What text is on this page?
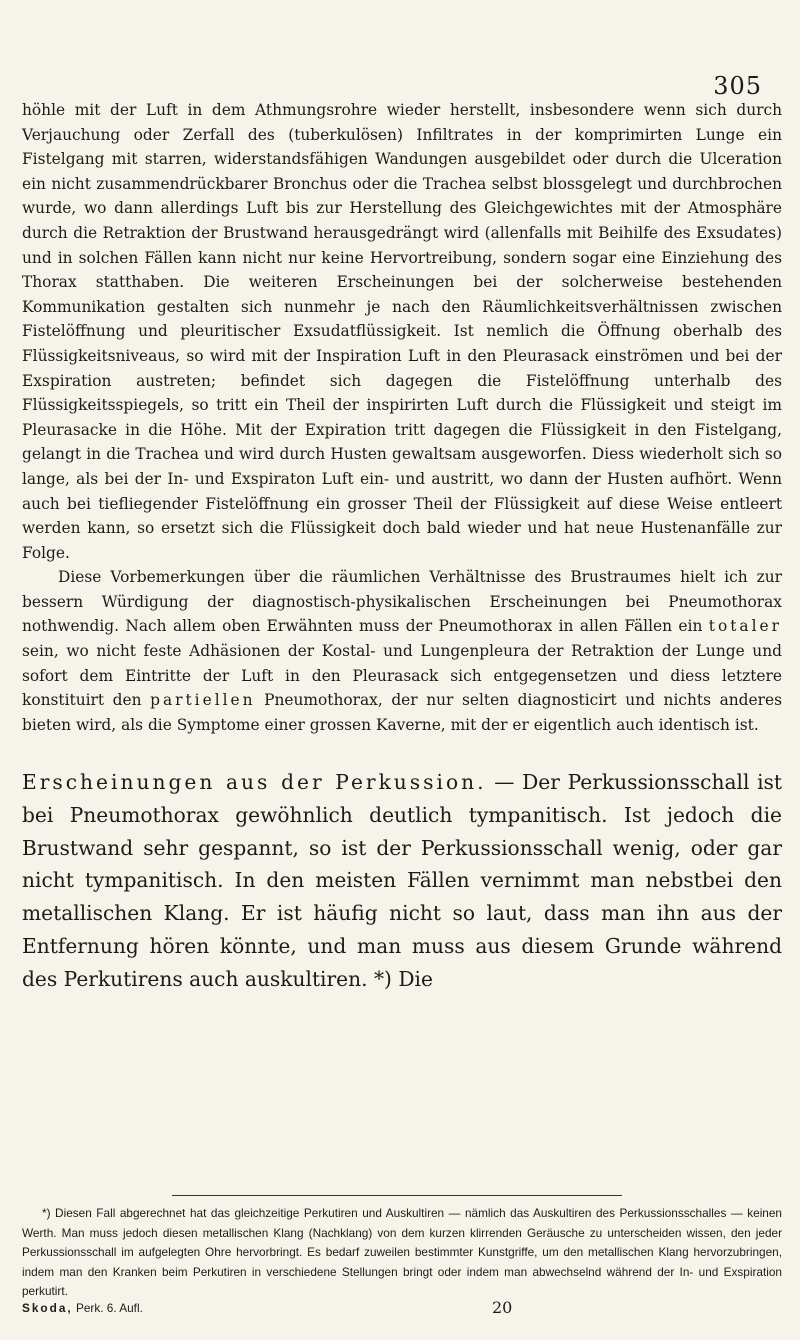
305

höhle mit der Luft in dem Athmungsrohre wieder herstellt, insbesondere wenn sich durch Verjauchung oder Zerfall des (tuberkulösen) Infiltrates in der komprimirten Lunge ein Fistelgang mit starren, widerstandsfähigen Wandungen ausgebildet oder durch die Ulceration ein nicht zusammendrückbarer Bronchus oder die Trachea selbst blossgelegt und durchbrochen wurde, wo dann allerdings Luft bis zur Herstellung des Gleichgewichtes mit der Atmosphäre durch die Retraktion der Brustwand herausgedrängt wird (allenfalls mit Beihilfe des Exsudates) und in solchen Fällen kann nicht nur keine Hervortreibung, sondern sogar eine Einziehung des Thorax statthaben. Die weiteren Erscheinungen bei der solcherweise bestehenden Kommunikation gestalten sich nunmehr je nach den Räumlichkeitsverhältnissen zwischen Fistelöffnung und pleuritischer Exsudatflüssigkeit. Ist nemlich die Öffnung oberhalb des Flüssigkeitsniveaus, so wird mit der Inspiration Luft in den Pleurasack einströmen und bei der Exspiration austreten; befindet sich dagegen die Fistelöffnung unterhalb des Flüssigkeitsspiegels, so tritt ein Theil der inspirirten Luft durch die Flüssigkeit und steigt im Pleurasacke in die Höhe. Mit der Expiration tritt dagegen die Flüssigkeit in den Fistelgang, gelangt in die Trachea und wird durch Husten gewaltsam ausgeworfen. Diess wiederholt sich so lange, als bei der In- und Exspiraton Luft ein- und austritt, wo dann der Husten aufhört. Wenn auch bei tiefliegender Fistelöffnung ein grosser Theil der Flüssigkeit auf diese Weise entleert werden kann, so ersetzt sich die Flüssigkeit doch bald wieder und hat neue Hustenanfälle zur Folge.

Diese Vorbemerkungen über die räumlichen Verhältnisse des Brustraumes hielt ich zur bessern Würdigung der diagnostisch-physikalischen Erscheinungen bei Pneumothorax nothwendig. Nach allem oben Erwähnten muss der Pneumothorax in allen Fällen ein totaler sein, wo nicht feste Adhäsionen der Kostal- und Lungenpleura der Retraktion der Lunge und sofort dem Eintritte der Luft in den Pleurasack sich entgegensetzen und diess letztere konstituirt den partiellen Pneumothorax, der nur selten diagnosticirt und nichts anderes bieten wird, als die Symptome einer grossen Kaverne, mit der er eigentlich auch identisch ist.

Erscheinungen aus der Perkussion. — Der Perkussionsschall ist bei Pneumothorax gewöhnlich deutlich tympanitisch. Ist jedoch die Brustwand sehr gespannt, so ist der Perkussionsschall wenig, oder gar nicht tympanitisch. In den meisten Fällen vernimmt man nebstbei den metallischen Klang. Er ist häufig nicht so laut, dass man ihn aus der Entfernung hören könnte, und man muss aus diesem Grunde während des Perkutirens auch auskultiren. *) Die

*) Diesen Fall abgerechnet hat das gleichzeitige Perkutiren und Auskultiren — nämlich das Auskultiren des Perkussionsschalles — keinen Werth. Man muss jedoch diesen metallischen Klang (Nachklang) von dem kurzen klirrenden Geräusche zu unterscheiden wissen, den jeder Perkussionsschall im aufgelegten Ohre hervorbringt. Es bedarf zuweilen bestimmter Kunstgriffe, um den metallischen Klang hervorzubringen, indem man den Kranken beim Perkutiren in verschiedene Stellungen bringt oder indem man abwechselnd während der In- und Exspiration perkutirt.

Skoda, Perk. 6. Aufl.	20
